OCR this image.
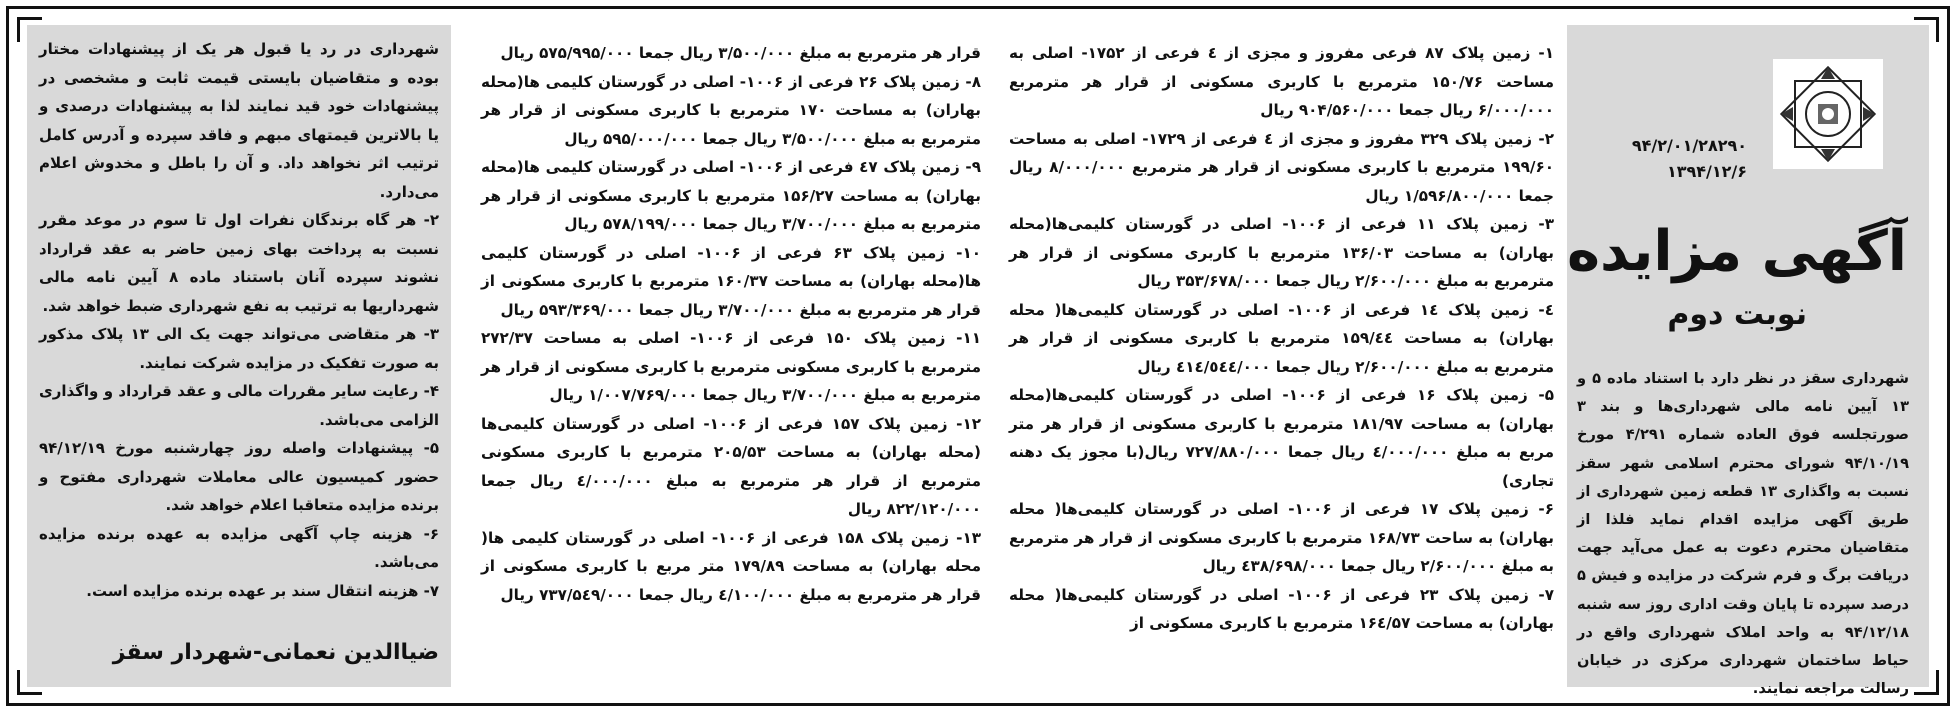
شهرداری در رد یا قبول هر یک از پیشنهادات مختار بوده و متقاضیان بایستی قیمت ثابت و مشخصی در پیشنهادات خود قید نمایند لذا به پیشنهادات درصدی و یا بالاترین قیمتهای مبهم و فاقد سپرده و آدرس کامل ترتیب اثر نخواهد داد. و آن را باطل و مخدوش اعلام می‌دارد.

۲- هر گاه برندگان نفرات اول تا سوم در موعد مقرر نسبت به پرداخت بهای زمین حاضر به عقد قرارداد نشوند سپرده آنان باستناد ماده ۸ آیین نامه مالی شهرداریها به ترتیب به نفع شهرداری ضبط خواهد شد.

۳- هر متقاضی می‌تواند جهت یک الی ۱۳ پلاک مذکور به صورت تفکیک در مزایده شرکت نمایند.

۴- رعایت سایر مقررات مالی و عقد قرارداد و واگذاری الزامی می‌باشد.

۵- پیشنهادات واصله روز چهارشنبه مورخ ۹۴/۱۲/۱۹ حضور کمیسیون عالی معاملات شهرداری مفتوح و برنده مزایده متعاقبا اعلام خواهد شد.

۶- هزینه چاپ آگهی مزایده به عهده برنده مزایده می‌باشد.

۷- هزینه انتقال سند بر عهده برنده مزایده است.

ضیاالدین نعمانی-شهردار سقز

قرار هر مترمربع به مبلغ ۳/۵۰۰/۰۰۰ ریال جمعا ۵۷۵/۹۹۵/۰۰۰ ریال

۸- زمین پلاک ۲۶ فرعی از ۱۰۰۶- اصلی در گورستان کلیمی ها(محله بهاران) به مساحت ۱۷۰ مترمربع با کاربری مسکونی از قرار هر مترمربع به مبلغ ۳/۵۰۰/۰۰۰ ریال جمعا ۵۹۵/۰۰۰/۰۰۰ ریال

۹- زمین پلاک ٤۷ فرعی از ۱۰۰۶- اصلی در گورستان کلیمی ها(محله بهاران) به مساحت ۱۵۶/۲۷ مترمربع با کاربری مسکونی از قرار هر مترمربع به مبلغ ۳/۷۰۰/۰۰۰ ریال جمعا ۵۷۸/۱۹۹/۰۰۰ ریال

۱۰- زمین پلاک ۶۳ فرعی از ۱۰۰۶- اصلی در گورستان کلیمی ها(محله بهاران) به مساحت ۱۶۰/۳۷ مترمربع با کاربری مسکونی از قرار هر مترمربع به مبلغ ۳/۷۰۰/۰۰۰ ریال جمعا ۵۹۳/۳۶۹/۰۰۰ ریال

۱۱- زمین پلاک ۱۵۰ فرعی از ۱۰۰۶- اصلی به مساحت ۲۷۲/۳۷ مترمربع با کاربری مسکونی مترمربع با کاربری مسکونی از قرار هر مترمربع به مبلغ ۳/۷۰۰/۰۰۰ ریال جمعا ۱/۰۰۷/۷۶۹/۰۰۰ ریال

۱۲- زمین پلاک ۱۵۷ فرعی از ۱۰۰۶- اصلی در گورستان کلیمی‌ها (محله بهاران) به مساحت ۲۰۵/۵۳ مترمربع با کاربری مسکونی مترمربع از قرار هر مترمربع به مبلغ ٤/۰۰۰/۰۰۰ ریال جمعا ۸۲۲/۱۲۰/۰۰۰ ریال

۱۳- زمین پلاک ۱۵۸ فرعی از ۱۰۰۶- اصلی در گورستان کلیمی ها( محله بهاران) به مساحت ۱۷۹/۸۹ متر مربع با کاربری مسکونی از قرار هر مترمربع به مبلغ ٤/۱۰۰/۰۰۰ ریال جمعا ۷۳۷/۵٤۹/۰۰۰ ریال

۱- زمین پلاک ۸۷ فرعی مفروز و مجزی از ٤ فرعی از ۱۷۵۲- اصلی به مساحت ۱۵۰/۷۶ مترمربع با کاربری مسکونی از قرار هر مترمربع ۶/۰۰۰/۰۰۰ ریال جمعا ۹۰۴/۵۶۰/۰۰۰ ریال

۲- زمین پلاک ۳۲۹ مفروز و مجزی از ٤ فرعی از ۱۷۲۹- اصلی به مساحت ۱۹۹/۶۰ مترمربع با کاربری مسکونی از قرار هر مترمربع ۸/۰۰۰/۰۰۰ ریال جمعا ۱/۵۹۶/۸۰۰/۰۰۰ ریال

۳- زمین پلاک ۱۱ فرعی از ۱۰۰۶- اصلی در گورستان کلیمی‌ها(محله بهاران) به مساحت ۱۳۶/۰۳ مترمربع با کاربری مسکونی از قرار هر مترمربع به مبلغ ۲/۶۰۰/۰۰۰ ریال جمعا ۳۵۳/۶۷۸/۰۰۰ ریال

٤- زمین پلاک ١٤ فرعی از ۱۰۰۶- اصلی در گورستان کلیمی‌ها( محله بهاران) به مساحت ۱۵۹/٤٤ مترمربع با کاربری مسکونی از قرار هر مترمربع به مبلغ ۲/۶۰۰/۰۰۰ ریال جمعا ٤١٤/٥٤٤/۰۰۰ ریال

۵- زمین پلاک ۱۶ فرعی از ۱۰۰۶- اصلی در گورستان کلیمی‌ها(محله بهاران) به مساحت ۱۸۱/۹۷ مترمربع با کاربری مسکونی از قرار هر متر مربع به مبلغ ٤/۰۰۰/۰۰۰ ریال جمعا ۷۲۷/۸۸۰/۰۰۰ ریال(با مجوز یک دهنه تجاری)

۶- زمین پلاک ۱۷ فرعی از ۱۰۰۶- اصلی در گورستان کلیمی‌ها( محله بهاران) به ساحت ۱۶۸/۷۳ مترمربع با کاربری مسکونی از قرار هر مترمربع به مبلغ ۲/۶۰۰/۰۰۰ ریال جمعا ٤۳۸/۶۹۸/۰۰۰ ریال

۷- زمین پلاک ۲۳ فرعی از ۱۰۰۶- اصلی در گورستان کلیمی‌ها( محله بهاران) به مساحت ۱۶٤/۵۷ مترمربع با کاربری مسکونی از

۹۴/۲/۰۱/۲۸۲۹۰
۱۳۹۴/۱۲/۶
آگهی مزایده
نوبت دوم
شهرداری سقز در نظر دارد با استناد ماده ۵ و ۱۳ آیین نامه مالی شهرداری‌ها و بند ۳ صورتجلسه فوق العاده شماره ۴/۲۹۱ مورخ ۹۴/۱۰/۱۹ شورای محترم اسلامی شهر سقز نسبت به واگذاری ۱۳ قطعه زمین شهرداری از طریق آگهی مزایده اقدام نماید فلذا از متقاضیان محترم دعوت به عمل می‌آید جهت دریافت برگ و فرم شرکت در مزایده و فیش ۵ درصد سپرده تا پایان وقت اداری روز سه شنبه ۹۴/۱۲/۱۸ به واحد املاک شهرداری واقع در حیاط ساختمان شهرداری مرکزی در خیابان رسالت مراجعه نمایند.
